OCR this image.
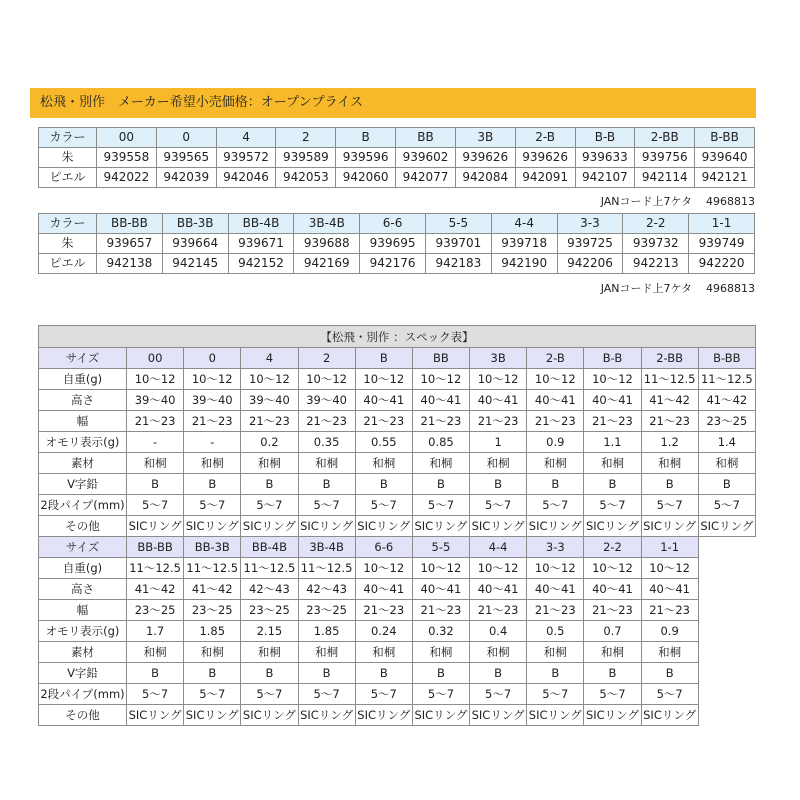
松飛・別作　メーカー希望小売価格：オープンプライス
カラー	00	0	4	2	B	BB	3B	2-B	B-B	2-BB	B-BB
朱	939558	939565	939572	939589	939596	939602	939626	939626	939633	939756	939640
ピエル	942022	942039	942046	942053	942060	942077	942084	942091	942107	942114	942121
JANコード上7ケタ 4968813
カラー	BB-BB	BB-3B	BB-4B	3B-4B	6-6	5-5	4-4	3-3	2-2	1-1
朱	939657	939664	939671	939688	939695	939701	939718	939725	939732	939749
ピエル	942138	942145	942152	942169	942176	942183	942190	942206	942213	942220
JANコード上7ケタ 4968813
【松飛・別作 ：スペック表】											
サイズ	00	0	4	2	B	BB	3B	2-B	B-B	2-BB	B-BB
自重(g)	10～12	10～12	10～12	10～12	10～12	10～12	10～12	10～12	10～12	11～12.5	11～12.5
高さ	39～40	39～40	39～40	39～40	40～41	40～41	40～41	40～41	40～41	41～42	41～42
幅	21～23	21～23	21～23	21～23	21～23	21～23	21～23	21～23	21～23	21～23	23～25
オモリ表示(g)	-	-	0.2	0.35	0.55	0.85	1	0.9	1.1	1.2	1.4
素材	和桐	和桐	和桐	和桐	和桐	和桐	和桐	和桐	和桐	和桐	和桐
V字鉛	B	B	B	B	B	B	B	B	B	B	B
2段パイプ(mm)	5～7	5～7	5～7	5～7	5～7	5～7	5～7	5～7	5～7	5～7	5～7
その他	SICリング	SICリング	SICリング	SICリング	SICリング	SICリング	SICリング	SICリング	SICリング	SICリング	SICリング
サイズ	BB-BB	BB-3B	BB-4B	3B-4B	6-6	5-5	4-4	3-3	2-2	1-1	
自重(g)	11～12.5	11～12.5	11～12.5	11～12.5	10～12	10～12	10～12	10～12	10～12	10～12	
高さ	41～42	41～42	42～43	42～43	40～41	40～41	40～41	40～41	40～41	40～41	
幅	23～25	23～25	23～25	23～25	21～23	21～23	21～23	21～23	21～23	21～23	
オモリ表示(g)	1.7	1.85	2.15	1.85	0.24	0.32	0.4	0.5	0.7	0.9	
素材	和桐	和桐	和桐	和桐	和桐	和桐	和桐	和桐	和桐	和桐	
V字鉛	B	B	B	B	B	B	B	B	B	B	
2段パイプ(mm)	5～7	5～7	5～7	5～7	5～7	5～7	5～7	5～7	5～7	5～7	
その他	SICリング	SICリング	SICリング	SICリング	SICリング	SICリング	SICリング	SICリング	SICリング	SICリング	
